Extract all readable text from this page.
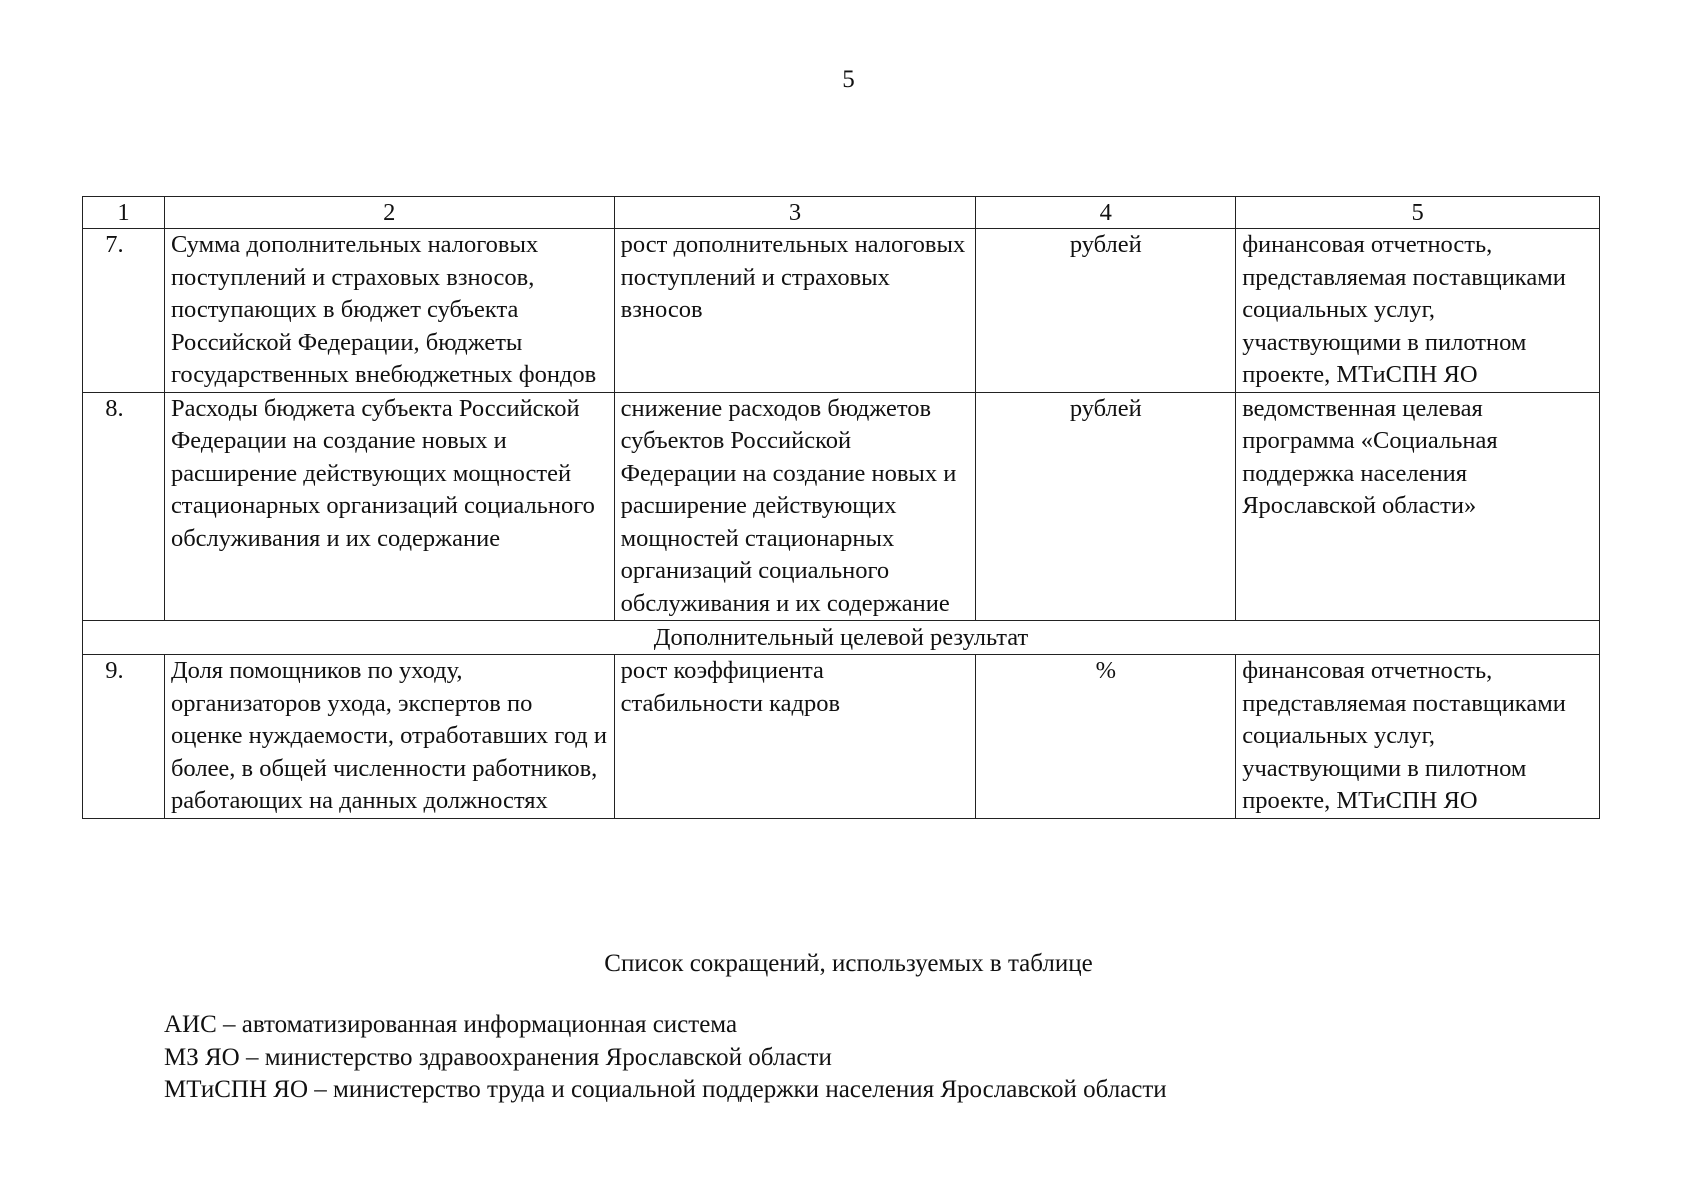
5
1	2	3	4	5
7.	Сумма дополнительных налоговых поступлений и страховых взносов, поступающих в бюджет субъекта Российской Федерации, бюджеты государственных внебюджетных фондов	рост дополнительных налоговых поступлений и страховых взносов	рублей	финансовая отчетность, представляемая поставщиками социальных услуг, участвующими в пилотном проекте, МТиСПН ЯО
8.	Расходы бюджета субъекта Российской Федерации на создание новых и расширение действующих мощностей стационарных организаций социального обслуживания и их содержание	снижение расходов бюджетов субъектов Российской Федерации на создание новых и расширение действующих мощностей стационарных организаций социального обслуживания и их содержание	рублей	ведомственная целевая программа «Социальная поддержка населения Ярославской области»
Дополнительный целевой результат				
9.	Доля помощников по уходу, организаторов ухода, экспертов по оценке нуждаемости, отработавших год и более, в общей численности работников, работающих на данных должностях	рост коэффициента стабильности кадров	%	финансовая отчетность, представляемая поставщиками социальных услуг, участвующими в пилотном проекте, МТиСПН ЯО
Список сокращений, используемых в таблице
АИС – автоматизированная информационная система
МЗ ЯО – министерство здравоохранения Ярославской области
МТиСПН ЯО – министерство труда и социальной поддержки населения Ярославской области
